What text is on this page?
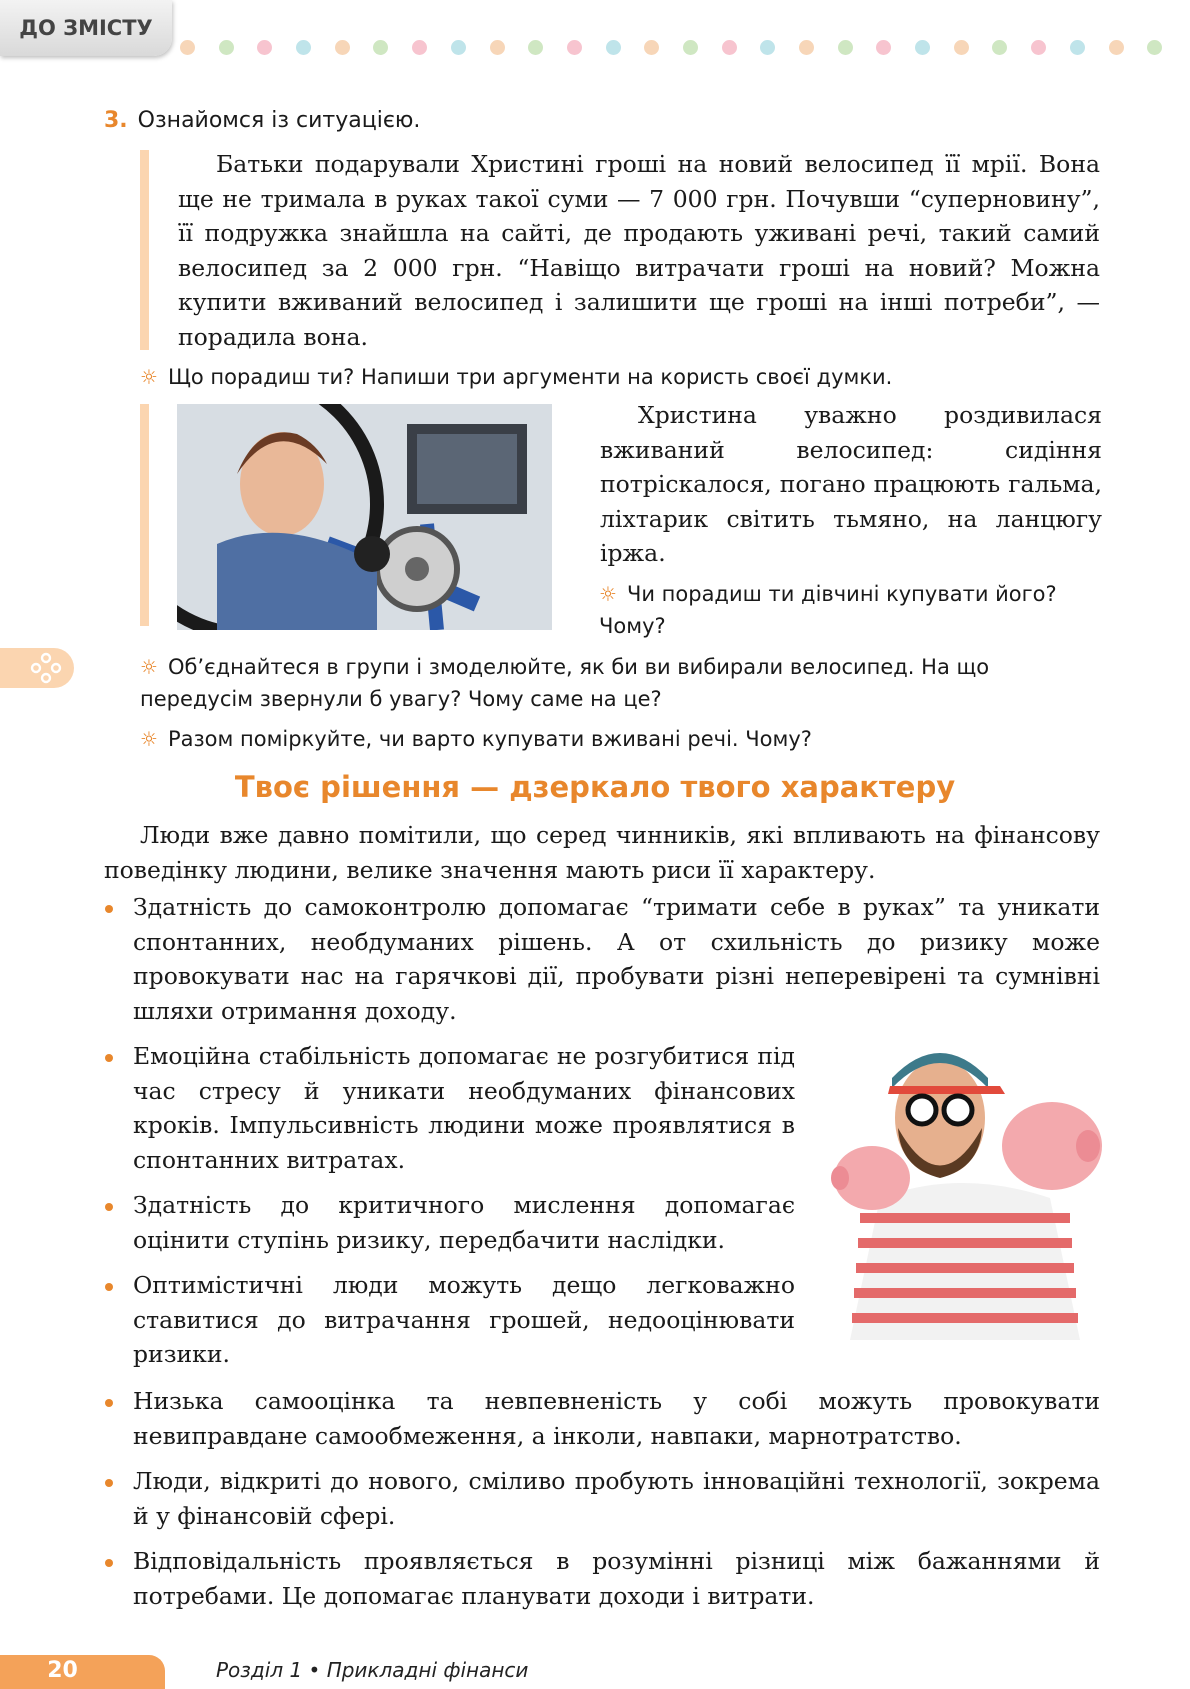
ДО ЗМІСТУ
3. Ознайомся із ситуацією.

Батьки подарували Христині гроші на новий велосипед її мрії. Вона ще не тримала в руках такої суми — 7 000 грн. Почувши “суперновину”, її подружка знайшла на сайті, де продають уживані речі, такий самий велосипед за 2 000 грн. “Навіщо витрачати гроші на новий? Можна купити вживаний велосипед і залишити ще гроші на інші потреби”, — порадила вона.

☼ Що порадиш ти? Напиши три аргументи на користь своєї думки.

Христина уважно роздивилася вживаний велосипед: сидіння потріскалося, погано працюють гальма, ліхтарик світить тьмяно, на ланцюгу іржа.

☼ Чи порадиш ти дівчині купувати його? Чому?
☼ Об’єднайтеся в групи і змоделюйте, як би ви вибирали велосипед. На що передусім звернули б увагу? Чому саме на це?
☼ Разом поміркуйте, чи варто купувати вживані речі. Чому?
Твоє рішення — дзеркало твого характеру

Люди вже давно помітили, що серед чинників, які впливають на фінансову поведінку людини, велике значення мають риси її характеру.

Здатність до самоконтролю допомагає “тримати себе в руках” та уникати спонтанних, необдуманих рішень. А от схильність до ризику може провокувати нас на гарячкові дії, пробувати різні неперевірені та сумнівні шляхи отримання доходу.

Емоційна стабільність допомагає не розгубитися під час стресу й уникати необдуманих фінансових кроків. Імпульсивність людини може проявлятися в спонтанних витратах.

Здатність до критичного мислення допомагає оцінити ступінь ризику, передбачити наслідки.

Оптимістичні люди можуть дещо легковажно ставитися до витрачання грошей, недооцінювати ризики.

Низька самооцінка та невпевненість у собі можуть провокувати невиправдане самообмеження, а інколи, навпаки, марнотратство.

Люди, відкриті до нового, сміливо пробують інноваційні технології, зокрема й у фінансовій сфері.

Відповідальність проявляється в розумінні різниці між бажаннями й потребами. Це допомагає планувати доходи і витрати.

20	Розділ 1 • Прикладні фінанси
